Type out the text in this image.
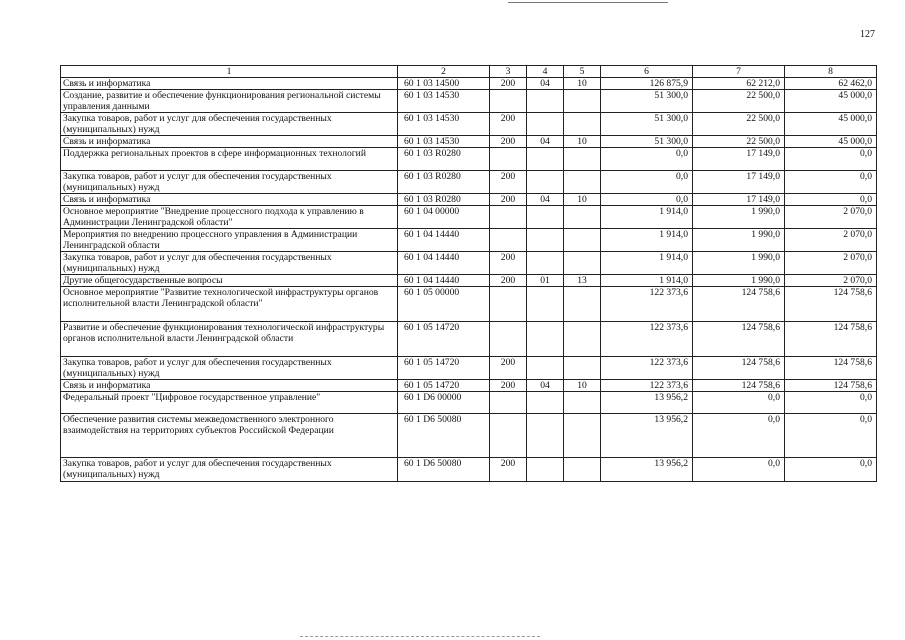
127
1	2	3	4	5	6	7	8
Связь и информатика	60 1 03 14500	200	04	10	126 875,9	62 212,0	62 462,0
Создание, развитие и обеспечение функционирования региональной системы управления данными	60 1 03 14530				51 300,0	22 500,0	45 000,0
Закупка товаров, работ и услуг для обеспечения государственных (муниципальных) нужд	60 1 03 14530	200			51 300,0	22 500,0	45 000,0
Связь и информатика	60 1 03 14530	200	04	10	51 300,0	22 500,0	45 000,0
Поддержка региональных проектов в сфере информационных технологий	60 1 03 R0280				0,0	17 149,0	0,0
Закупка товаров, работ и услуг для обеспечения государственных (муниципальных) нужд	60 1 03 R0280	200			0,0	17 149,0	0,0
Связь и информатика	60 1 03 R0280	200	04	10	0,0	17 149,0	0,0
Основное мероприятие "Внедрение процессного подхода к управлению в Администрации Ленинградской области"	60 1 04 00000				1 914,0	1 990,0	2 070,0
Мероприятия по внедрению процессного управления в Администрации Ленинградской области	60 1 04 14440				1 914,0	1 990,0	2 070,0
Закупка товаров, работ и услуг для обеспечения государственных (муниципальных) нужд	60 1 04 14440	200			1 914,0	1 990,0	2 070,0
Другие общегосударственные вопросы	60 1 04 14440	200	01	13	1 914,0	1 990,0	2 070,0
Основное мероприятие "Развитие технологической инфраструктуры органов исполнительной власти Ленинградской области"	60 1 05 00000				122 373,6	124 758,6	124 758,6
Развитие и обеспечение функционирования технологической инфраструктуры органов исполнительной власти Ленинградской области	60 1 05 14720				122 373,6	124 758,6	124 758,6
Закупка товаров, работ и услуг для обеспечения государственных (муниципальных) нужд	60 1 05 14720	200			122 373,6	124 758,6	124 758,6
Связь и информатика	60 1 05 14720	200	04	10	122 373,6	124 758,6	124 758,6
Федеральный проект "Цифровое государственное управление"	60 1 D6 00000				13 956,2	0,0	0,0
Обеспечение развития системы межведомственного электронного взаимодействия на территориях субъектов Российской Федерации	60 1 D6 50080				13 956,2	0,0	0,0
Закупка товаров, работ и услуг для обеспечения государственных (муниципальных) нужд	60 1 D6 50080	200			13 956,2	0,0	0,0
